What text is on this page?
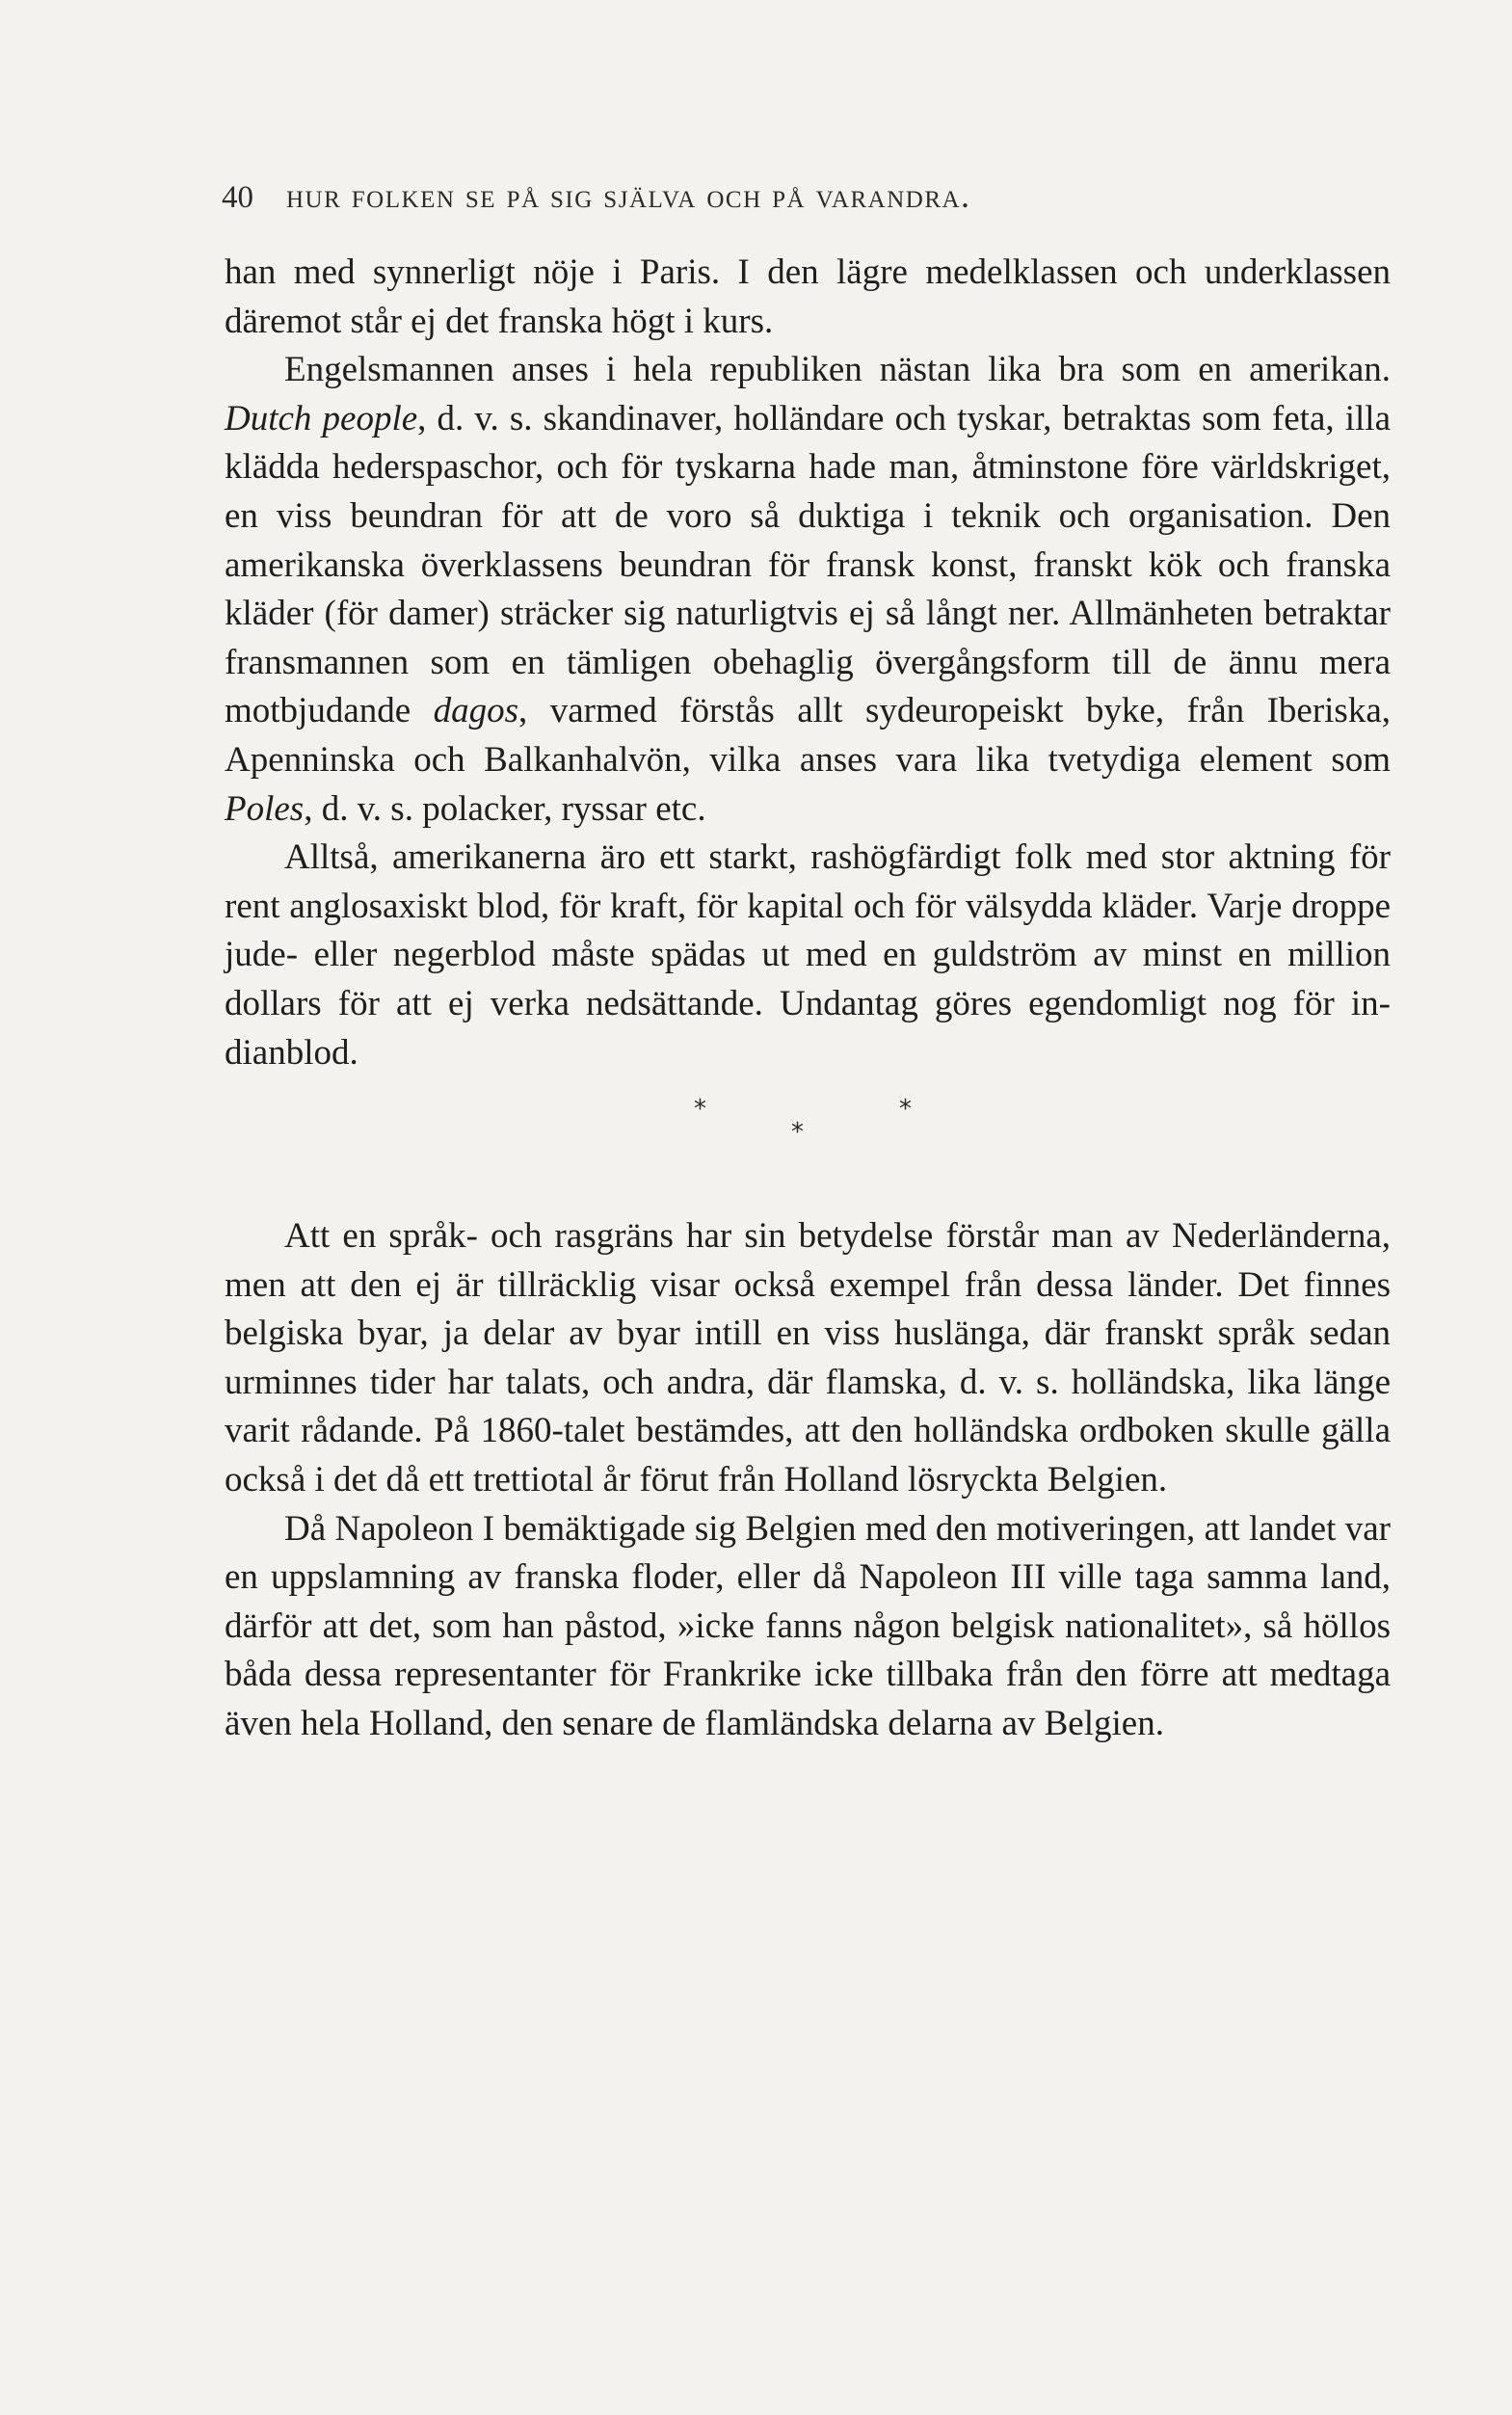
40 hur folken se på sig själva och på varandra.

han med synnerligt nöje i Paris. I den lägre medelklassen och underklassen däremot står ej det franska högt i kurs.

Engelsmannen anses i hela republiken nästan lika bra som en amerikan. Dutch people, d. v. s. skandinaver, holländare och tyskar, betraktas som feta, illa klädda hederspaschor, och för tyskarna hade man, åtminstone före världskriget, en viss beundran för att de voro så duktiga i teknik och organisation. Den amerikanska överklassens beundran för fransk konst, franskt kök och franska kläder (för damer) sträcker sig naturligtvis ej så långt ner. Allmänheten betraktar fransmannen som en tämligen obehaglig övergångsform till de ännu mera motbjudande dagos, varmed förstås allt sydeuropeiskt byke, från Iberiska, Apenninska och Balkanhalvön, vilka anses vara lika tvetydiga element som Poles, d. v. s. polacker, ryssar etc.

Alltså, amerikanerna äro ett starkt, rashögfärdigt folk med stor aktning för rent anglosaxiskt blod, för kraft, för kapital och för välsydda kläder. Varje droppe jude- eller negerblod måste spädas ut med en guldström av minst en million dollars för att ej verka nedsättande. Undantag göres egendomligt nog för indianblod.

*
*
*

Att en språk- och rasgräns har sin betydelse förstår man av Nederländerna, men att den ej är tillräcklig visar också exempel från dessa länder. Det finnes belgiska byar, ja delar av byar intill en viss huslänga, där franskt språk sedan urminnes tider har talats, och andra, där flamska, d. v. s. holländska, lika länge varit rådande. På 1860-talet bestämdes, att den holländska ordboken skulle gälla också i det då ett trettiotal år förut från Holland lösryckta Belgien.

Då Napoleon I bemäktigade sig Belgien med den motiveringen, att landet var en uppslamning av franska floder, eller då Napoleon III ville taga samma land, därför att det, som han påstod, »icke fanns någon belgisk nationalitet», så höllos båda dessa representanter för Frankrike icke tillbaka från den förre att medtaga även hela Holland, den senare de flamländska delarna av Belgien.
